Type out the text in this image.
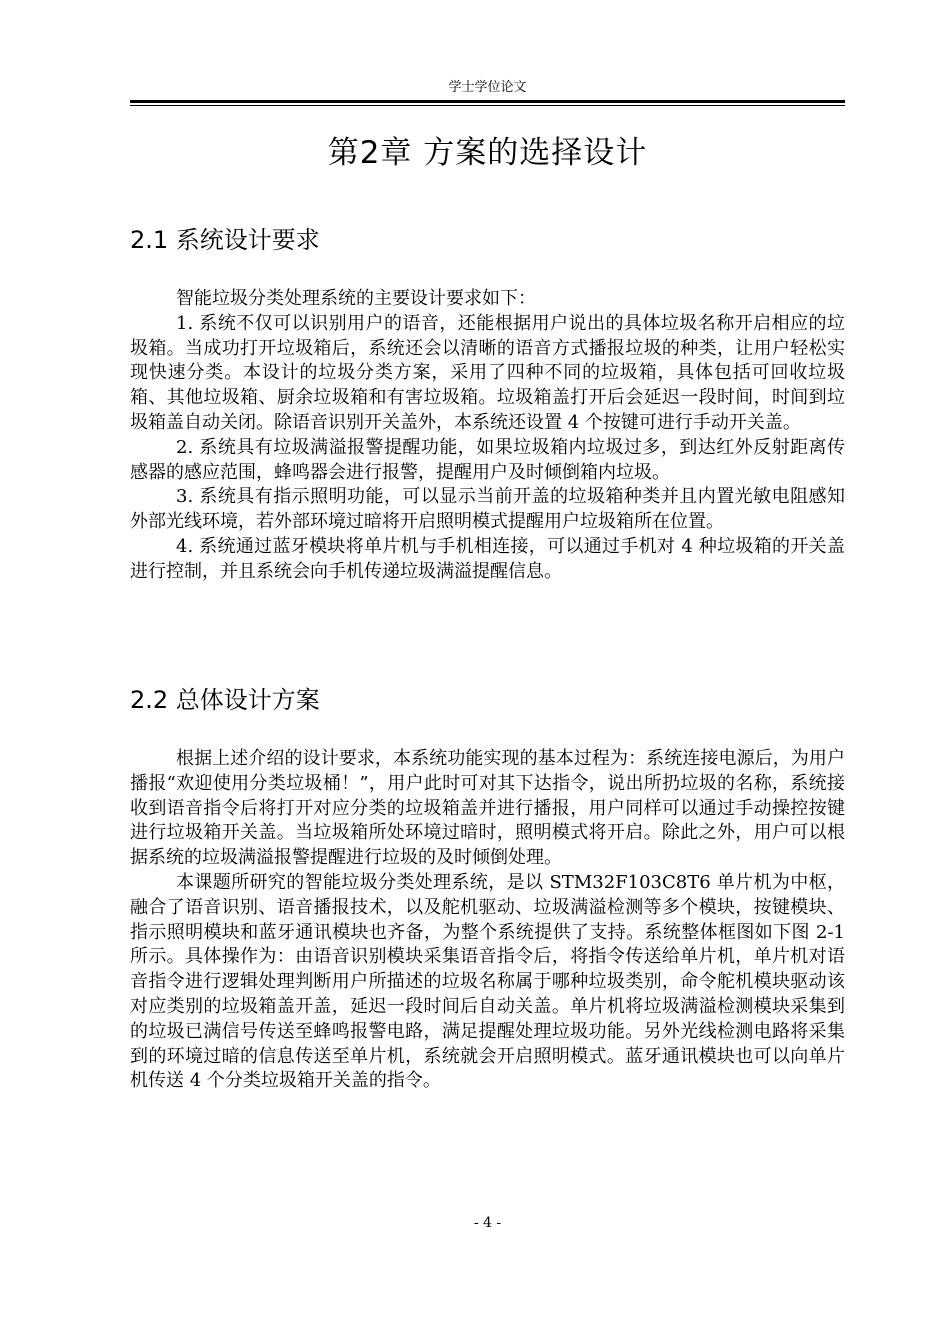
学士学位论文
第2章 方案的选择设计
2.1 系统设计要求

智能垃圾分类处理系统的主要设计要求如下：

1. 系统不仅可以识别用户的语音，还能根据用户说出的具体垃圾名称开启相应的垃圾箱。当成功打开垃圾箱后，系统还会以清晰的语音方式播报垃圾的种类，让用户轻松实现快速分类。本设计的垃圾分类方案，采用了四种不同的垃圾箱，具体包括可回收垃圾箱、其他垃圾箱、厨余垃圾箱和有害垃圾箱。垃圾箱盖打开后会延迟一段时间，时间到垃圾箱盖自动关闭。除语音识别开关盖外，本系统还设置 4 个按键可进行手动开关盖。

2. 系统具有垃圾满溢报警提醒功能，如果垃圾箱内垃圾过多，到达红外反射距离传感器的感应范围，蜂鸣器会进行报警，提醒用户及时倾倒箱内垃圾。

3. 系统具有指示照明功能，可以显示当前开盖的垃圾箱种类并且内置光敏电阻感知外部光线环境，若外部环境过暗将开启照明模式提醒用户垃圾箱所在位置。

4. 系统通过蓝牙模块将单片机与手机相连接，可以通过手机对 4 种垃圾箱的开关盖进行控制，并且系统会向手机传递垃圾满溢提醒信息。

2.2 总体设计方案

根据上述介绍的设计要求，本系统功能实现的基本过程为：系统连接电源后，为用户播报“欢迎使用分类垃圾桶！”，用户此时可对其下达指令，说出所扔垃圾的名称，系统接收到语音指令后将打开对应分类的垃圾箱盖并进行播报，用户同样可以通过手动操控按键进行垃圾箱开关盖。当垃圾箱所处环境过暗时，照明模式将开启。除此之外，用户可以根据系统的垃圾满溢报警提醒进行垃圾的及时倾倒处理。

本课题所研究的智能垃圾分类处理系统，是以 STM32F103C8T6 单片机为中枢，融合了语音识别、语音播报技术，以及舵机驱动、垃圾满溢检测等多个模块，按键模块、指示照明模块和蓝牙通讯模块也齐备，为整个系统提供了支持。系统整体框图如下图 2-1 所示。具体操作为：由语音识别模块采集语音指令后，将指令传送给单片机，单片机对语音指令进行逻辑处理判断用户所描述的垃圾名称属于哪种垃圾类别，命令舵机模块驱动该对应类别的垃圾箱盖开盖，延迟一段时间后自动关盖。单片机将垃圾满溢检测模块采集到的垃圾已满信号传送至蜂鸣报警电路，满足提醒处理垃圾功能。另外光线检测电路将采集到的环境过暗的信息传送至单片机，系统就会开启照明模式。蓝牙通讯模块也可以向单片机传送 4 个分类垃圾箱开关盖的指令。

- 4 -
